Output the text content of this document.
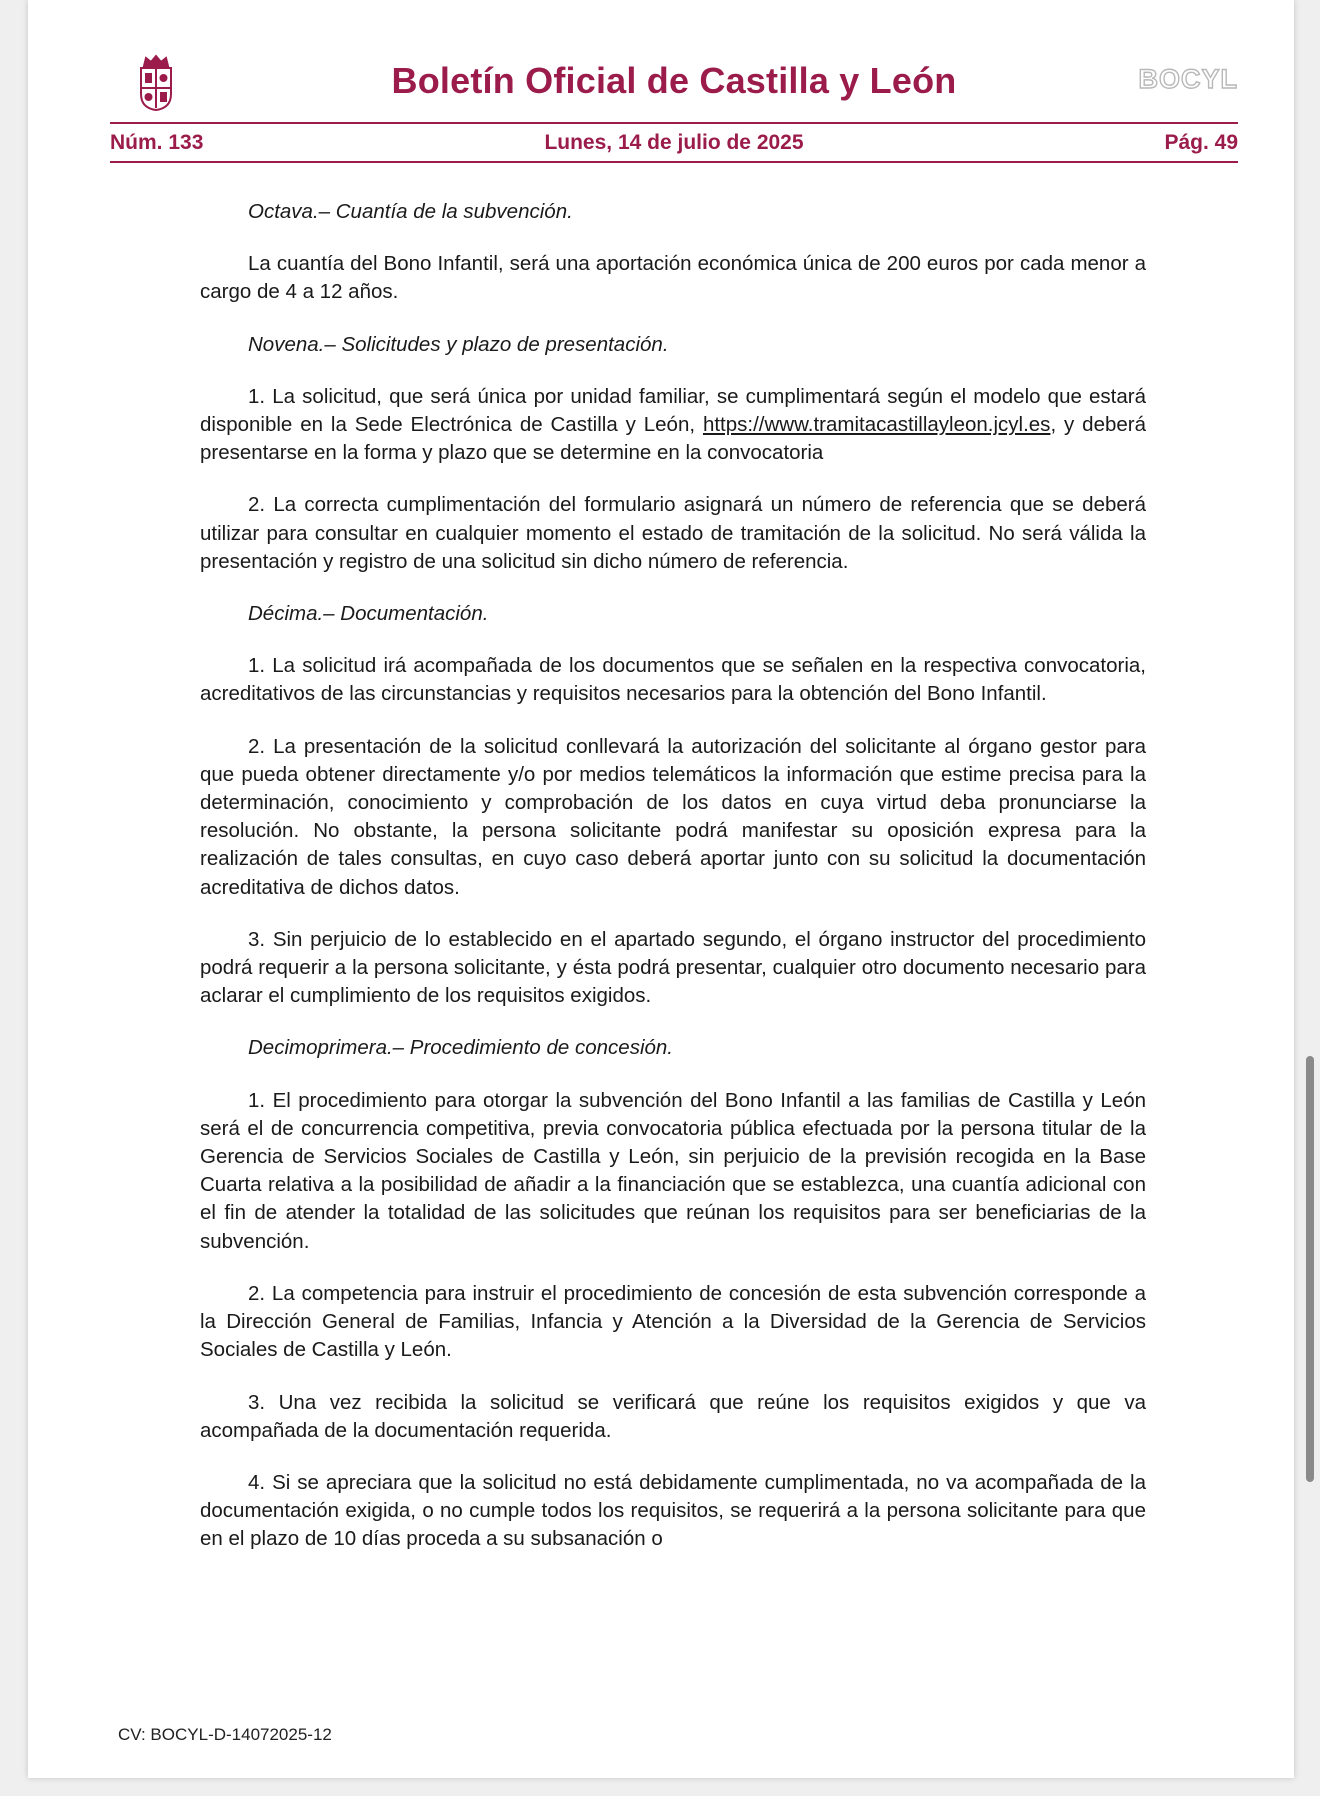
Boletín Oficial de Castilla y León	BOCYL
Núm. 133	Lunes, 14 de julio de 2025	Pág. 49

Octava.– Cuantía de la subvención.

La cuantía del Bono Infantil, será una aportación económica única de 200 euros por cada menor a cargo de 4 a 12 años.

Novena.– Solicitudes y plazo de presentación.

1. La solicitud, que será única por unidad familiar, se cumplimentará según el modelo que estará disponible en la Sede Electrónica de Castilla y León, https://www.tramitacastillayleon.jcyl.es, y deberá presentarse en la forma y plazo que se determine en la convocatoria

2. La correcta cumplimentación del formulario asignará un número de referencia que se deberá utilizar para consultar en cualquier momento el estado de tramitación de la solicitud. No será válida la presentación y registro de una solicitud sin dicho número de referencia.

Décima.– Documentación.

1. La solicitud irá acompañada de los documentos que se señalen en la respectiva convocatoria, acreditativos de las circunstancias y requisitos necesarios para la obtención del Bono Infantil.

2. La presentación de la solicitud conllevará la autorización del solicitante al órgano gestor para que pueda obtener directamente y/o por medios telemáticos la información que estime precisa para la determinación, conocimiento y comprobación de los datos en cuya virtud deba pronunciarse la resolución. No obstante, la persona solicitante podrá manifestar su oposición expresa para la realización de tales consultas, en cuyo caso deberá aportar junto con su solicitud la documentación acreditativa de dichos datos.

3. Sin perjuicio de lo establecido en el apartado segundo, el órgano instructor del procedimiento podrá requerir a la persona solicitante, y ésta podrá presentar, cualquier otro documento necesario para aclarar el cumplimiento de los requisitos exigidos.

Decimoprimera.– Procedimiento de concesión.

1. El procedimiento para otorgar la subvención del Bono Infantil a las familias de Castilla y León será el de concurrencia competitiva, previa convocatoria pública efectuada por la persona titular de la Gerencia de Servicios Sociales de Castilla y León, sin perjuicio de la previsión recogida en la Base Cuarta relativa a la posibilidad de añadir a la financiación que se establezca, una cuantía adicional con el fin de atender la totalidad de las solicitudes que reúnan los requisitos para ser beneficiarias de la subvención.

2. La competencia para instruir el procedimiento de concesión de esta subvención corresponde a la Dirección General de Familias, Infancia y Atención a la Diversidad de la Gerencia de Servicios Sociales de Castilla y León.

3. Una vez recibida la solicitud se verificará que reúne los requisitos exigidos y que va acompañada de la documentación requerida.

4. Si se apreciara que la solicitud no está debidamente cumplimentada, no va acompañada de la documentación exigida, o no cumple todos los requisitos, se requerirá a la persona solicitante para que en el plazo de 10 días proceda a su subsanación o

CV: BOCYL-D-14072025-12
